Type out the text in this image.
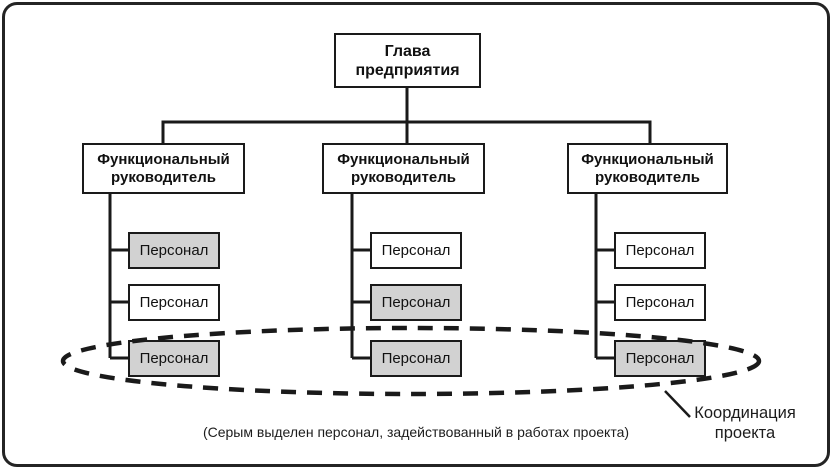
Глава предприятия
Функциональный руководитель
Функциональный руководитель
Функциональный руководитель
Персонал
Персонал
Персонал
Персонал
Персонал
Персонал
Персонал
Персонал
Персонал
Координация проекта
(Серым выделен персонал, задействованный в работах проекта)
